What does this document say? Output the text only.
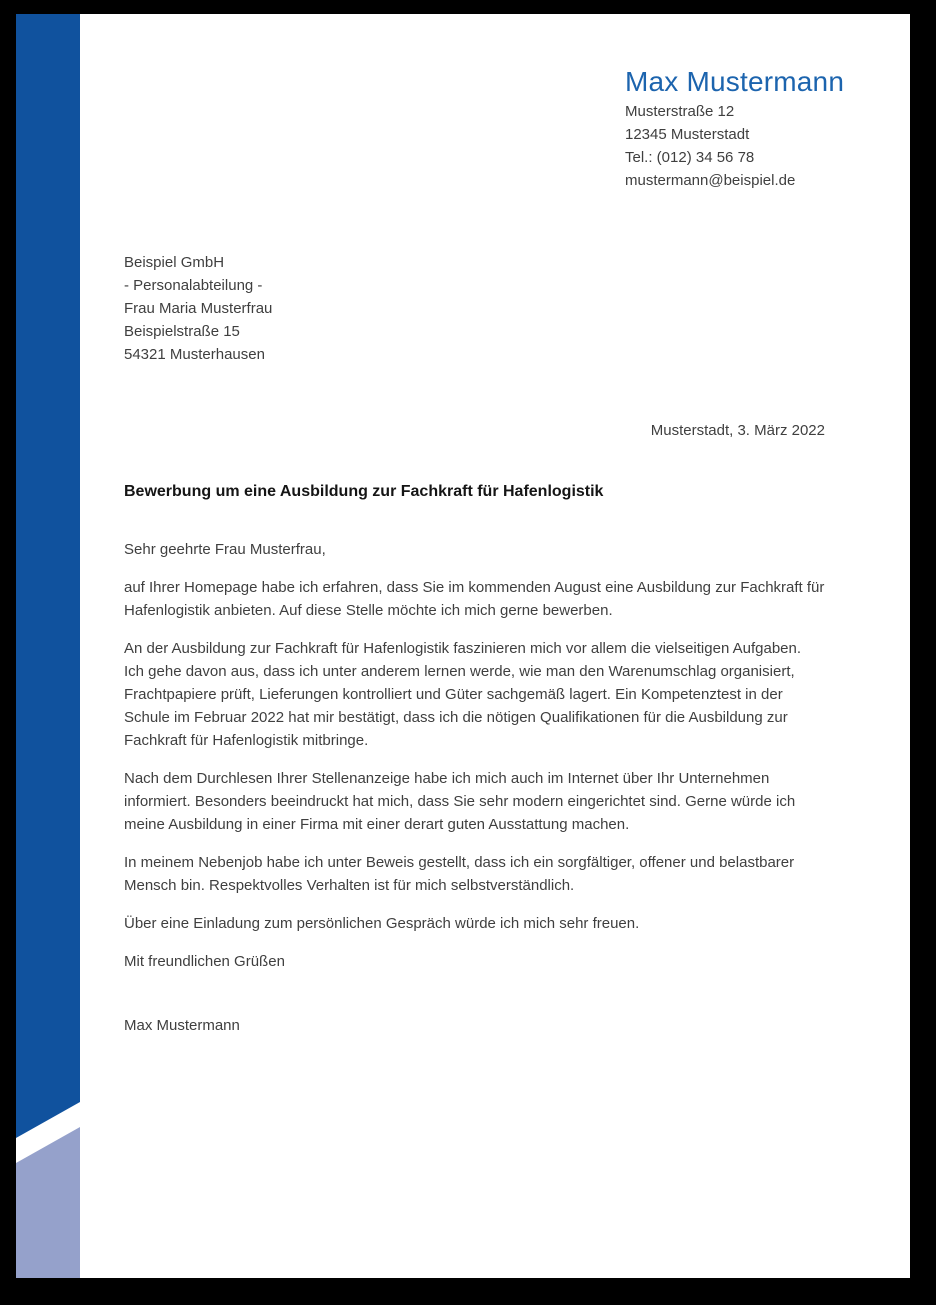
Max Mustermann
Musterstraße 12
12345 Musterstadt
Tel.: (012) 34 56 78
mustermann@beispiel.de
Beispiel GmbH
- Personalabteilung -
Frau Maria Musterfrau
Beispielstraße 15
54321 Musterhausen
Musterstadt, 3. März 2022
Bewerbung um eine Ausbildung zur Fachkraft für Hafenlogistik

Sehr geehrte Frau Musterfrau,

auf Ihrer Homepage habe ich erfahren, dass Sie im kommenden August eine Ausbildung zur Fachkraft für Hafenlogistik anbieten. Auf diese Stelle möchte ich mich gerne bewerben.

An der Ausbildung zur Fachkraft für Hafenlogistik faszinieren mich vor allem die vielseitigen Aufgaben. Ich gehe davon aus, dass ich unter anderem lernen werde, wie man den Warenumschlag organisiert, Frachtpapiere prüft, Lieferungen kontrolliert und Güter sachgemäß lagert. Ein Kompetenztest in der Schule im Februar 2022 hat mir bestätigt, dass ich die nötigen Qualifikationen für die Ausbildung zur Fachkraft für Hafenlogistik mitbringe.

Nach dem Durchlesen Ihrer Stellenanzeige habe ich mich auch im Internet über Ihr Unternehmen informiert. Besonders beeindruckt hat mich, dass Sie sehr modern eingerichtet sind. Gerne würde ich meine Ausbildung in einer Firma mit einer derart guten Ausstattung machen.

In meinem Nebenjob habe ich unter Beweis gestellt, dass ich ein sorgfältiger, offener und belastbarer Mensch bin. Respektvolles Verhalten ist für mich selbstverständlich.

Über eine Einladung zum persönlichen Gespräch würde ich mich sehr freuen.

Mit freundlichen Grüßen

Max Mustermann
